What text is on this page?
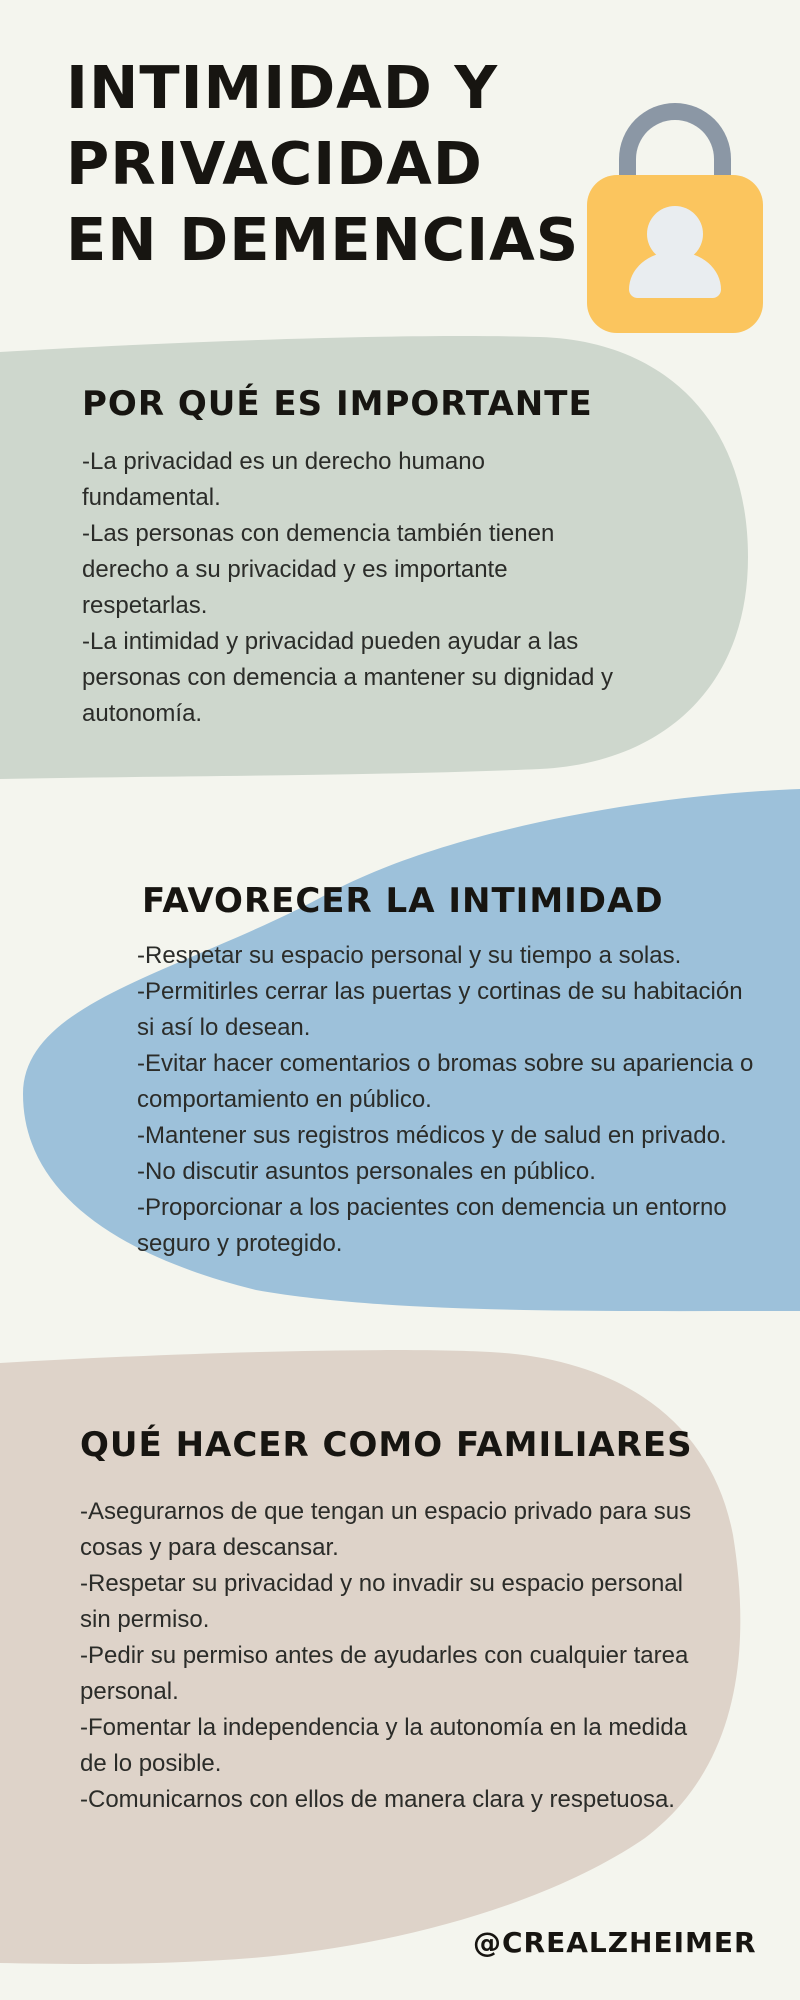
INTIMIDAD Y
PRIVACIDAD
EN DEMENCIAS
POR QUÉ ES IMPORTANTE
-La privacidad es un derecho humano fundamental.
-Las personas con demencia también tienen derecho a su privacidad y es importante respetarlas.
-La intimidad y privacidad pueden ayudar a las personas con demencia a mantener su dignidad y autonomía.
FAVORECER LA INTIMIDAD
-Respetar su espacio personal y su tiempo a solas.
-Permitirles cerrar las puertas y cortinas de su habitación si así lo desean.
-Evitar hacer comentarios o bromas sobre su apariencia o comportamiento en público.
-Mantener sus registros médicos y de salud en privado.
-No discutir asuntos personales en público.
-Proporcionar a los pacientes con demencia un entorno seguro y protegido.
QUÉ HACER COMO FAMILIARES
-Asegurarnos de que tengan un espacio privado para sus cosas y para descansar.
-Respetar su privacidad y no invadir su espacio personal sin permiso.
-Pedir su permiso antes de ayudarles con cualquier tarea personal.
-Fomentar la independencia y la autonomía en la medida de lo posible.
-Comunicarnos con ellos de manera clara y respetuosa.
@CREALZHEIMER
